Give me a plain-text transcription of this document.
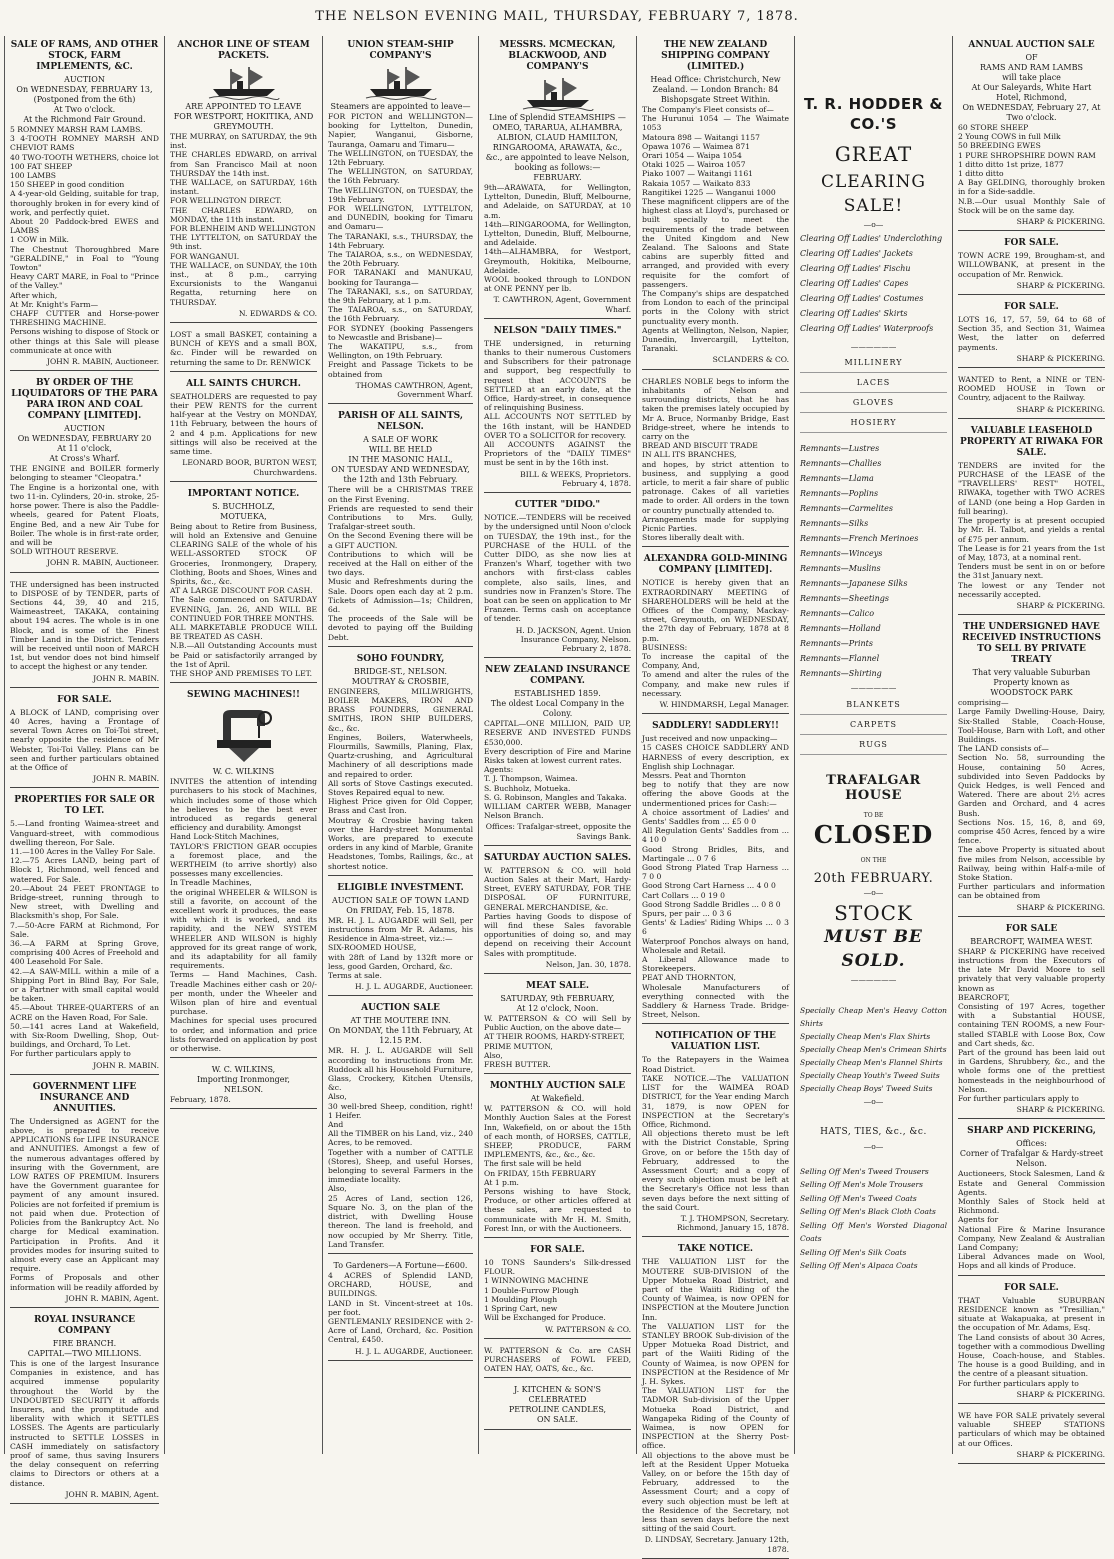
THE NELSON EVENING MAIL, THURSDAY, FEBRUARY 7, 1878.
SALE OF RAMS, AND OTHER STOCK, FARM IMPLEMENTS, &C.
AUCTION
On WEDNESDAY, FEBRUARY 13,
(Postponed from the 6th)
At Two o'clock.
At the Richmond Fair Ground.
5 ROMNEY MARSH RAM LAMBS.
3 4-TOOTH ROMNEY MARSH AND CHEVIOT RAMS
40 TWO-TOOTH WETHERS, choice lot
100 FAT SHEEP
100 LAMBS
150 SHEEP in good condition
A 4-year-old Gelding, suitable for trap, thoroughly broken in for every kind of work, and perfectly quiet.
About 20 Paddock-bred EWES and LAMBS
1 COW in Milk.
The Chestnut Thoroughbred Mare "GERALDINE," in Foal to "Young Towton"
Heavy CART MARE, in Foal to "Prince of the Valley."
After which,
At Mr. Knight's Farm—
CHAFF CUTTER and Horse-power THRESHING MACHINE.
Persons wishing to dispose of Stock or other things at this Sale will please communicate at once with
JOHN R. MABIN, Auctioneer.
BY ORDER OF THE LIQUIDATORS OF THE PARA PARA IRON AND COAL COMPANY [LIMITED].
AUCTION
On WEDNESDAY, FEBRUARY 20
At 11 o'clock,
At Cross's Wharf.
THE ENGINE and BOILER formerly belonging to steamer "Cleopatra."
The Engine is a horizontal one, with two 11-in. Cylinders, 20-in. stroke, 25-horse power. There is also the Paddle-wheels, geared for Patent Floats, Engine Bed, and a new Air Tube for Boiler. The whole is in first-rate order, and will be
SOLD WITHOUT RESERVE.
JOHN R. MABIN, Auctioneer.
THE undersigned has been instructed to DISPOSE of by TENDER, parts of Sections 44, 39, 40 and 215, Waimeastreet, TAKAKA, containing about 194 acres. The whole is in one Block, and is some of the Finest Timber Land in the District. Tenders will be received until noon of MARCH 1st, but vendor does not bind himself to accept the highest or any tender.
JOHN R. MABIN.
FOR SALE.
A BLOCK of LAND, comprising over 40 Acres, having a Frontage of several Town Acres on Toi-Toi street, nearly opposite the residence of Mr Webster, Toi-Toi Valley. Plans can be seen and further particulars obtained at the Office of
JOHN R. MABIN.
PROPERTIES FOR SALE OR TO LET.
5.—Land fronting Waimea-street and Vanguard-street, with commodious dwelling thereon, For Sale.
11.—100 Acres in the Valley For Sale.
12.—75 Acres LAND, being part of Block 1, Richmond, well fenced and watered. For Sale.
20.—About 24 FEET FRONTAGE to Bridge-street, running through to New street, with Dwelling and Blacksmith's shop, For Sale.
7.—50-Acre FARM at Richmond, For Sale.
36.—A FARM at Spring Grove, comprising 400 Acres of Freehold and 400 Leasehold For Sale.
42.—A SAW-MILL within a mile of a Shipping Port in Blind Bay, For Sale, or a Partner with small capital would be taken.
45.—About THREE-QUARTERS of an ACRE on the Haven Road, For Sale.
50.—141 acres Land at Wakefield, with Six-Room Dwelling, Shop, Out-buildings, and Orchard, To Let.
For further particulars apply to
JOHN R. MABIN.
GOVERNMENT LIFE INSURANCE AND ANNUITIES.
The Undersigned as AGENT for the above, is prepared to receive APPLICATIONS for LIFE INSURANCE and ANNUITIES. Amongst a few of the numerous advantages offered by insuring with the Government, are LOW RATES OF PREMIUM. Insurers have the Government guarantee for payment of any amount insured. Policies are not forfeited if premium is not paid when due. Protection of Policies from the Bankruptcy Act. No charge for Medical examination. Participation in Profits. And it provides modes for insuring suited to almost every case an Applicant may require.
Forms of Proposals and other information will be readily afforded by
JOHN R. MABIN, Agent.
ROYAL INSURANCE COMPANY
FIRE BRANCH.
CAPITAL—TWO MILLIONS.
This is one of the largest Insurance Companies in existence, and has acquired immense popularity throughout the World by the UNDOUBTED SECURITY it affords Insurers, and the promptitude and liberality with which it SETTLES LOSSES. The Agents are particularly instructed to SETTLE LOSSES in CASH immediately on satisfactory proof of same, thus saving Insurers the delay consequent on referring claims to Directors or others at a distance.
JOHN R. MABIN, Agent.
ANCHOR LINE OF STEAM PACKETS.
ARE APPOINTED TO LEAVE
FOR WESTPORT, HOKITIKA, AND GREYMOUTH.
THE MURRAY, on SATURDAY, the 9th inst.
THE CHARLES EDWARD, on arrival from San Francisco Mail at noon THURSDAY the 14th inst.
THE WALLACE, on SATURDAY, 16th instant.
FOR WELLINGTON DIRECT.
THE CHARLES EDWARD, on MONDAY, the 11th instant.
FOR BLENHEIM AND WELLINGTON
THE LYTTELTON, on SATURDAY the 9th inst.
FOR WANGANUI.
THE WALLACE, on SUNDAY, the 10th inst., at 8 p.m., carrying Excursionists to the Wanganui Regatta, returning here on THURSDAY.
N. EDWARDS & CO.
LOST a small BASKET, containing a BUNCH of KEYS and a small BOX, &c. Finder will be rewarded on returning the same to Dr. RENWICK
ALL SAINTS CHURCH.
SEATHOLDERS are requested to pay their PEW RENTS for the current half-year at the Vestry on MONDAY, 11th February, between the hours of 2 and 4 p.m. Applications for new sittings will also be received at the same time.
LEONARD BOOR, BURTON WEST, Churchwardens.
IMPORTANT NOTICE.
S. BUCHHOLZ,
MOTUEKA,
Being about to Retire from Business, will hold an Extensive and Genuine CLEARING SALE of the whole of his WELL-ASSORTED STOCK OF Groceries, Ironmongery, Drapery, Clothing, Boots and Shoes, Wines and Spirits, &c., &c.
AT A LARGE DISCOUNT FOR CASH.
The Sale commenced on SATURDAY EVENING, Jan. 26, AND WILL BE CONTINUED FOR THREE MONTHS.
ALL MARKETABLE PRODUCE WILL BE TREATED AS CASH.
N.B.—All Outstanding Accounts must be Paid or satisfactorily arranged by the 1st of April.
THE SHOP AND PREMISES TO LET.
SEWING MACHINES!!
W. C. WILKINS
INVITES the attention of intending purchasers to his stock of Machines, which includes some of those which he believes to be the best ever introduced as regards general efficiency and durability. Amongst
Hand Lock-Stitch Machines,
TAYLOR'S FRICTION GEAR occupies a foremost place, and the WERTHEIM (to arrive shortly) also possesses many excellencies.
In Treadle Machines,
the original WHEELER & WILSON is still a favorite, on account of the excellent work it produces, the ease with which it is worked, and its rapidity, and the NEW SYSTEM WHEELER AND WILSON is highly approved for its great range of work, and its adaptability for all family requirements.
Terms — Hand Machines, Cash. Treadle Machines either cash or 20/- per month, under the Wheeler and Wilson plan of hire and eventual purchase.
Machines for special uses procured to order, and information and price lists forwarded on application by post or otherwise.
W. C. WILKINS,
Importing Ironmonger,
NELSON.
February, 1878.
UNION STEAM-SHIP COMPANY'S
Steamers are appointed to leave—
FOR PICTON and WELLINGTON—booking for Lyttelton, Dunedin, Napier, Wanganui, Gisborne, Tauranga, Oamaru and Timaru—
The WELLINGTON, on TUESDAY, the 12th February.
The WELLINGTON, on SATURDAY, the 16th February.
The WELLINGTON, on TUESDAY, the 19th February.
FOR WELLINGTON, LYTTELTON, and DUNEDIN, booking for Timaru and Oamaru—
The TARANAKI, s.s., THURSDAY, the 14th February.
The TAIAROA, s.s., on WEDNESDAY, the 20th February.
FOR TARANAKI and MANUKAU, booking for Tauranga—
The TARANAKI, s.s., on SATURDAY, the 9th February, at 1 p.m.
The TAIAROA, s.s., on SATURDAY, the 16th February.
FOR SYDNEY (booking Passengers to Newcastle and Brisbane)—
The WAKATIPU, s.s., from Wellington, on 19th February.
Freight and Passage Tickets to be obtained from
THOMAS CAWTHRON, Agent, Government Wharf.
PARISH OF ALL SAINTS, NELSON.
A SALE OF WORK
WILL BE HELD
IN THE MASONIC HALL,
ON TUESDAY AND WEDNESDAY, the 12th and 13th February.
There will be a CHRISTMAS TREE on the First Evening.
Friends are requested to send their Contributions to Mrs. Gully, Trafalgar-street south.
On the Second Evening there will be a GIFT AUCTION.
Contributions to which will be received at the Hall on either of the two days.
Music and Refreshments during the Sale. Doors open each day at 2 p.m. Tickets of Admission—1s; Children, 6d.
The proceeds of the Sale will be devoted to paying off the Building Debt.
SOHO FOUNDRY,
BRIDGE-ST., NELSON.
MOUTRAY & CROSBIE,
ENGINEERS, MILLWRIGHTS, BOILER MAKERS, IRON AND BRASS FOUNDERS, GENERAL SMITHS, IRON SHIP BUILDERS, &c., &c.
Engines, Boilers, Waterwheels, Flourmills, Sawmills, Planing, Flax, Quartz-crushing, and Agricultural Machinery of all descriptions made and repaired to order.
All sorts of Stove Castings executed. Stoves Repaired equal to new.
Highest Price given for Old Copper, Brass and Cast Iron.
Moutray & Crosbie having taken over the Hardy-street Monumental Works, are prepared to execute orders in any kind of Marble, Granite Headstones, Tombs, Railings, &c., at shortest notice.
ELIGIBLE INVESTMENT.
AUCTION SALE OF TOWN LAND
On FRIDAY, Feb. 15, 1878.
MR. H. J. L. AUGARDE will Sell, per instructions from Mr R. Adams, his Residence in Alma-street, viz.:—
SIX-ROOMED HOUSE,
with 28ft of Land by 132ft more or less, good Garden, Orchard, &c.
Terms at sale.
H. J. L. AUGARDE, Auctioneer.
AUCTION SALE
AT THE MOUTERE INN.
On MONDAY, the 11th February, At 12.15 P.M.
MR. H. J. L. AUGARDE will Sell according to instructions from Mr. Ruddock all his Household Furniture, Glass, Crockery, Kitchen Utensils, &c.
Also,
30 well-bred Sheep, condition, right! 1 Heifer.
And
All the TIMBER on his Land, viz., 240 Acres, to be removed.
Together with a number of CATTLE (Stores), Sheep, and useful Horses, belonging to several Farmers in the immediate locality.
Also,
25 Acres of Land, section 126, Square No. 3, on the plan of the district, with Dwelling House thereon. The land is freehold, and now occupied by Mr Sherry. Title, Land Transfer.
To Gardeners—A Fortune—£600.
4 ACRES of Splendid LAND, ORCHARD, HOUSE, and BUILDINGS.
LAND in St. Vincent-street at 10s. per foot.
GENTLEMANLY RESIDENCE with 2-Acre of Land, Orchard, &c. Position Central, £450.
H. J. L. AUGARDE, Auctioneer.
MESSRS. MCMECKAN, BLACKWOOD, AND COMPANY'S
Line of Splendid STEAMSHIPS — OMEO, TARARUA, ALHAMBRA, ALBION, CLAUD HAMILTON, RINGAROOMA, ARAWATA, &c., &c., are appointed to leave Nelson, booking as follows:—
FEBRUARY.
9th—ARAWATA, for Wellington, Lyttelton, Dunedin, Bluff, Melbourne, and Adelaide, on SATURDAY, at 10 a.m.
14th—RINGAROOMA, for Wellington, Lyttelton, Dunedin, Bluff, Melbourne, and Adelaide.
14th—ALHAMBRA, for Westport, Greymouth, Hokitika, Melbourne, Adelaide.
WOOL booked through to LONDON at ONE PENNY per lb.
T. CAWTHRON, Agent, Government Wharf.
NELSON "DAILY TIMES."
THE undersigned, in returning thanks to their numerous Customers and Subscribers for their patronage and support, beg respectfully to request that ACCOUNTS be SETTLED at an early date, at the Office, Hardy-street, in consequence of relinquishing Business.
ALL ACCOUNTS NOT SETTLED by the 16th instant, will be HANDED OVER TO a SOLICITOR for recovery.
All ACCOUNTS AGAINST the Proprietors of the "DAILY TIMES" must be sent in by the 16th inst.
BILL & WEEKS, Proprietors. February 4, 1878.
CUTTER "DIDO."
NOTICE.—TENDERS will be received by the undersigned until Noon o'clock on TUESDAY, the 19th inst., for the PURCHASE of the HULL of the Cutter DIDO, as she now lies at Franzen's Wharf, together with two anchors with first-class cables complete, also sails, lines, and sundries now in Franzen's Store. The boat can be seen on application to Mr Franzen. Terms cash on acceptance of tender.
H. D. JACKSON, Agent. Union Insurance Company, Nelson. February 2, 1878.
NEW ZEALAND INSURANCE COMPANY.
ESTABLISHED 1859.
The oldest Local Company in the Colony.
CAPITAL—ONE MILLION, PAID UP, RESERVE AND INVESTED FUNDS £530,000.
Every description of Fire and Marine Risks taken at lowest current rates.
Agents:
T. J. Thompson, Waimea.
S. Buchholz, Motueka.
S. G. Robinson, Mangles and Takaka.
WILLIAM CARTER WEBB, Manager Nelson Branch.
Offices: Trafalgar-street, opposite the Savings Bank.
SATURDAY AUCTION SALES.
W. PATTERSON & CO. will hold Auction Sales at their Mart, Hardy-Street, EVERY SATURDAY, FOR THE DISPOSAL OF FURNITURE, GENERAL MERCHANDISE, &c.
Parties having Goods to dispose of will find these Sales favorable opportunities of doing so, and may depend on receiving their Account Sales with promptitude.
Nelson, Jan. 30, 1878.
MEAT SALE.
SATURDAY, 9th FEBRUARY,
At 12 o'clock, Noon.
W. PATTERSON & CO will Sell by Public Auction, on the above date—
AT THEIR ROOMS, HARDY-STREET,
PRIME MUTTON,
Also,
FRESH BUTTER.
MONTHLY AUCTION SALE
At Wakefield.
W. PATTERSON & CO. will hold Monthly Auction Sales at the Forest Inn, Wakefield, on or about the 15th of each month, of HORSES, CATTLE, SHEEP, PRODUCE, FARM IMPLEMENTS, &c., &c., &c.
The first sale will be held
On FRIDAY, 15th FEBRUARY
At 1 p.m.
Persons wishing to have Stock, Produce, or other articles offered at these sales, are requested to communicate with Mr H. M. Smith, Forest Inn, or with the Auctioneers.
FOR SALE.
10 TONS Saunders's Silk-dressed FLOUR.
1 WINNOWING MACHINE
1 Double-Furrow Plough
1 Moulding Plough
1 Spring Cart, new
Will be Exchanged for Produce.
W. PATTERSON & CO.
W. PATTERSON & Co. are CASH PURCHASERS of FOWL FEED, OATEN HAY, OATS, &c., &c.
J. KITCHEN & SON'S
CELEBRATED
PETROLINE CANDLES,
ON SALE.
THE NEW ZEALAND SHIPPING COMPANY (LIMITED.)
Head Office: Christchurch, New Zealand. — London Branch: 84 Bishopsgate Street Within.
The Company's Fleet consists of—
The Hurunui 1054 — The Waimate 1053
Matoura 898 — Waitangi 1157
Opawa 1076 — Waimea 871
Orari 1054 — Waipa 1054
Otaki 1025 — Wairoa 1057
Piako 1007 — Waitangi 1161
Rakaia 1057 — Waikato 833
Rangitikei 1225 — Wanganui 1000
These magnificent clippers are of the highest class at Lloyd's, purchased or built specially to meet the requirements of the trade between the United Kingdom and New Zealand. The Saloons and State cabins are superbly fitted and arranged, and provided with every requisite for the comfort of passengers.
The Company's ships are despatched from London to each of the principal ports in the Colony with strict punctuality every month.
Agents at Wellington, Nelson, Napier, Dunedin, Invercargill, Lyttelton, Taranaki.
SCLANDERS & CO.
CHARLES NOBLE begs to inform the inhabitants of Nelson and surrounding districts, that he has taken the premises lately occupied by Mr A. Bruce, Normanby Bridge, East Bridge-street, where he intends to carry on the
BREAD AND BISCUIT TRADE
IN ALL ITS BRANCHES,
and hopes, by strict attention to business, and supplying a good article, to merit a fair share of public patronage. Cakes of all varieties made to order. All orders in the town or country punctually attended to.
Arrangements made for supplying Picnic Parties.
Stores liberally dealt with.
ALEXANDRA GOLD-MINING COMPANY [LIMITED].
NOTICE is hereby given that an EXTRAORDINARY MEETING of SHAREHOLDERS will be held at the Offices of the Company, Mackay-street, Greymouth, on WEDNESDAY, the 27th day of February, 1878 at 8 p.m.
BUSINESS:
To increase the capital of the Company, And,
To amend and alter the rules of the Company, and make new rules if necessary.
W. HINDMARSH, Legal Manager.
SADDLERY! SADDLERY!!
Just received and now unpacking—
15 CASES CHOICE SADDLERY AND HARNESS of every description, ex English ship Lochnagar.
Messrs. Peat and Thornton
beg to notify that they are now offering the above Goods at the undermentioned prices for Cash:—
A choice assortment of Ladies' and Gents' Saddles from ... £5 0 0
All Regulation Gents' Saddles from ... 4 10 0
Good Strong Bridles, Bits, and Martingale ... 0 7 6
Good Strong Plated Trap Harness ... 7 0 0
Good Strong Cart Harness ... 4 0 0
Cart Collars ... 0 19 0
Good Strong Saddle Bridles ... 0 8 0
Spurs, per pair ... 0 3 6
Gents' & Ladies' Riding Whips ... 0 3 6
Waterproof Ponchos always on hand, Wholesale and Retail.
A Liberal Allowance made to Storekeepers.
PEAT AND THORNTON,
Wholesale Manufacturers of everything connected with the Saddlery & Harness Trade. Bridge-Street, Nelson.
NOTIFICATION OF THE VALUATION LIST.
To the Ratepayers in the Waimea Road District.
TAKE NOTICE.—The VALUATION LIST for the WAIMEA ROAD DISTRICT, for the Year ending March 31, 1879, is now OPEN for INSPECTION at the Secretary's Office, Richmond.
All objections thereto must be left with the District Constable, Spring Grove, on or before the 15th day of February, addressed to the Assessment Court; and a copy of every such objection must be left at the Secretary's Office not less than seven days before the next sitting of the said Court.
T. J. THOMPSON, Secretary. Richmond, January 15, 1878.
TAKE NOTICE.
THE VALUATION LIST for the MOUTERE SUB-DIVISION of the Upper Motueka Road District, and part of the Waiiti Riding of the County of Waimea, is now OPEN for INSPECTION at the Moutere Junction Inn.
The VALUATION LIST for the STANLEY BROOK Sub-division of the Upper Motueka Road District, and part of the Waiiti Riding of the County of Waimea, is now OPEN for INSPECTION at the Residence of Mr J. H. Sykes.
The VALUATION LIST for the TADMOR Sub-division of the Upper Motueka Road District, and Wangapeka Riding of the County of Waimea, is now OPEN for INSPECTION at the Sherry Post-office.
All objections to the above must be left at the Resident Upper Motueka Valley, on or before the 15th day of February, addressed to the Assessment Court; and a copy of every such objection must be left at the Residence of the Secretary, not less than seven days before the next sitting of the said Court.
D. LINDSAY, Secretary. January 12th, 1878.
T. R. HODDER & CO.'S
GREAT
CLEARING SALE!
—o—
Clearing Off Ladies' Underclothing
Clearing Off Ladies' Jackets
Clearing Off Ladies' Fischu
Clearing Off Ladies' Capes
Clearing Off Ladies' Costumes
Clearing Off Ladies' Skirts
Clearing Off Ladies' Waterproofs
——————
MILLINERY
LACES
GLOVES
HOSIERY
Remnants—Lustres
Remnants—Challies
Remnants—Llama
Remnants—Poplins
Remnants—Carmelites
Remnants—Silks
Remnants—French Merinoes
Remnants—Winceys
Remnants—Muslins
Remnants—Japanese Silks
Remnants—Sheetings
Remnants—Calico
Remnants—Holland
Remnants—Prints
Remnants—Flannel
Remnants—Shirting
——————
BLANKETS
CARPETS
RUGS
TRAFALGAR HOUSE
TO BE
CLOSED
ON THE
20th FEBRUARY.
—o—
STOCK
MUST BE SOLD.
——————
Specially Cheap Men's Heavy Cotton Shirts
Specially Cheap Men's Flax Shirts
Specially Cheap Men's Crimean Shirts
Specially Cheap Men's Flannel Shirts
Specially Cheap Youth's Tweed Suits
Specially Cheap Boys' Tweed Suits
—o—
HATS, TIES, &c., &c.
—o—
Selling Off Men's Tweed Trousers
Selling Off Men's Mole Trousers
Selling Off Men's Tweed Coats
Selling Off Men's Black Cloth Coats
Selling Off Men's Worsted Diagonal Coats
Selling Off Men's Silk Coats
Selling Off Men's Alpaca Coats
ANNUAL AUCTION SALE
OF
RAMS AND RAM LAMBS
will take place
At Our Saleyards, White Hart Hotel, Richmond,
On WEDNESDAY, February 27, At Two o'clock.
60 STORE SHEEP
2 Young COWS in full Milk
50 BREEDING EWES
1 PURE SHROPSHIRE DOWN RAM
1 ditto ditto 1st prize, 1877
1 ditto ditto
A Bay GELDING, thoroughly broken in for a Side-saddle.
N.B.—Our usual Monthly Sale of Stock will be on the same day.
SHARP & PICKERING.
FOR SALE.
TOWN ACRE 199, Brougham-st, and WILLOWBANK, at present in the occupation of Mr. Renwick.
SHARP & PICKERING.
FOR SALE.
LOTS 16, 17, 57, 59, 64 to 68 of Section 35, and Section 31, Waimea West, the latter on deferred payments.
SHARP & PICKERING.
WANTED to Rent, a NINE or TEN-ROOMED HOUSE in Town or Country, adjacent to the Railway.
SHARP & PICKERING.
VALUABLE LEASEHOLD PROPERTY AT RIWAKA FOR SALE.
TENDERS are invited for the PURCHASE of the LEASE of the "TRAVELLERS' REST" HOTEL, RIWAKA, together with TWO ACRES of LAND (one being a Hop Garden in full bearing).
The property is at present occupied by Mr. H. Talbot, and yields a rental of £75 per annum.
The Lease is for 21 years from the 1st of May, 1873, at a nominal rent.
Tenders must be sent in on or before the 31st January next.
The lowest or any Tender not necessarily accepted.
SHARP & PICKERING.
THE UNDERSIGNED HAVE RECEIVED INSTRUCTIONS TO SELL BY PRIVATE TREATY
That very valuable Suburban Property known as
WOODSTOCK PARK
comprising—
Large Family Dwelling-House, Dairy, Six-Stalled Stable, Coach-House, Tool-House, Barn with Loft, and other Buildings.
The LAND consists of—
Section No. 58, surrounding the House, containing 50 Acres, subdivided into Seven Paddocks by Quick Hedges, is well Fenced and Watered. There are about 2½ acres Garden and Orchard, and 4 acres Bush.
Sections Nos. 15, 16, 8, and 69, comprise 450 Acres, fenced by a wire fence.
The above Property is situated about five miles from Nelson, accessible by Railway, being within Half-a-mile of Stoke Station.
Further particulars and information can be obtained from
SHARP & PICKERING.
FOR SALE
BEARCROFT, WAIMEA WEST.
SHARP & PICKERING have received instructions from the Executors of the late Mr David Moore to sell privately that very valuable property known as
BEARCROFT,
Consisting of 197 Acres, together with a Substantial HOUSE, containing TEN ROOMS, a new Four-stalled STABLE with Loose Box, Cow and Cart sheds, &c.
Part of the ground has been laid out in Gardens, Shrubbery, &c., and the whole forms one of the prettiest homesteads in the neighbourhood of Nelson.
For further particulars apply to
SHARP & PICKERING.
SHARP AND PICKERING,
Offices:
Corner of Trafalgar & Hardy-street Nelson.
Auctioneers, Stock Salesmen, Land & Estate and General Commission Agents.
Monthly Sales of Stock held at Richmond.
Agents for
National Fire & Marine Insurance Company, New Zealand & Australian Land Company;
Liberal Advances made on Wool, Hops and all kinds of Produce.
FOR SALE.
THAT Valuable SUBURBAN RESIDENCE known as "Tresillian," situate at Wakapuaka, at present in the occupation of Mr. Adams, Esq.
The Land consists of about 30 Acres, together with a commodious Dwelling House, Coach-house, and Stables. The house is a good Building, and in the centre of a pleasant situation.
For further particulars apply to
SHARP & PICKERING.
WE have FOR SALE privately several valuable SHEEP STATIONS particulars of which may be obtained at our Offices.
SHARP & PICKERING.
